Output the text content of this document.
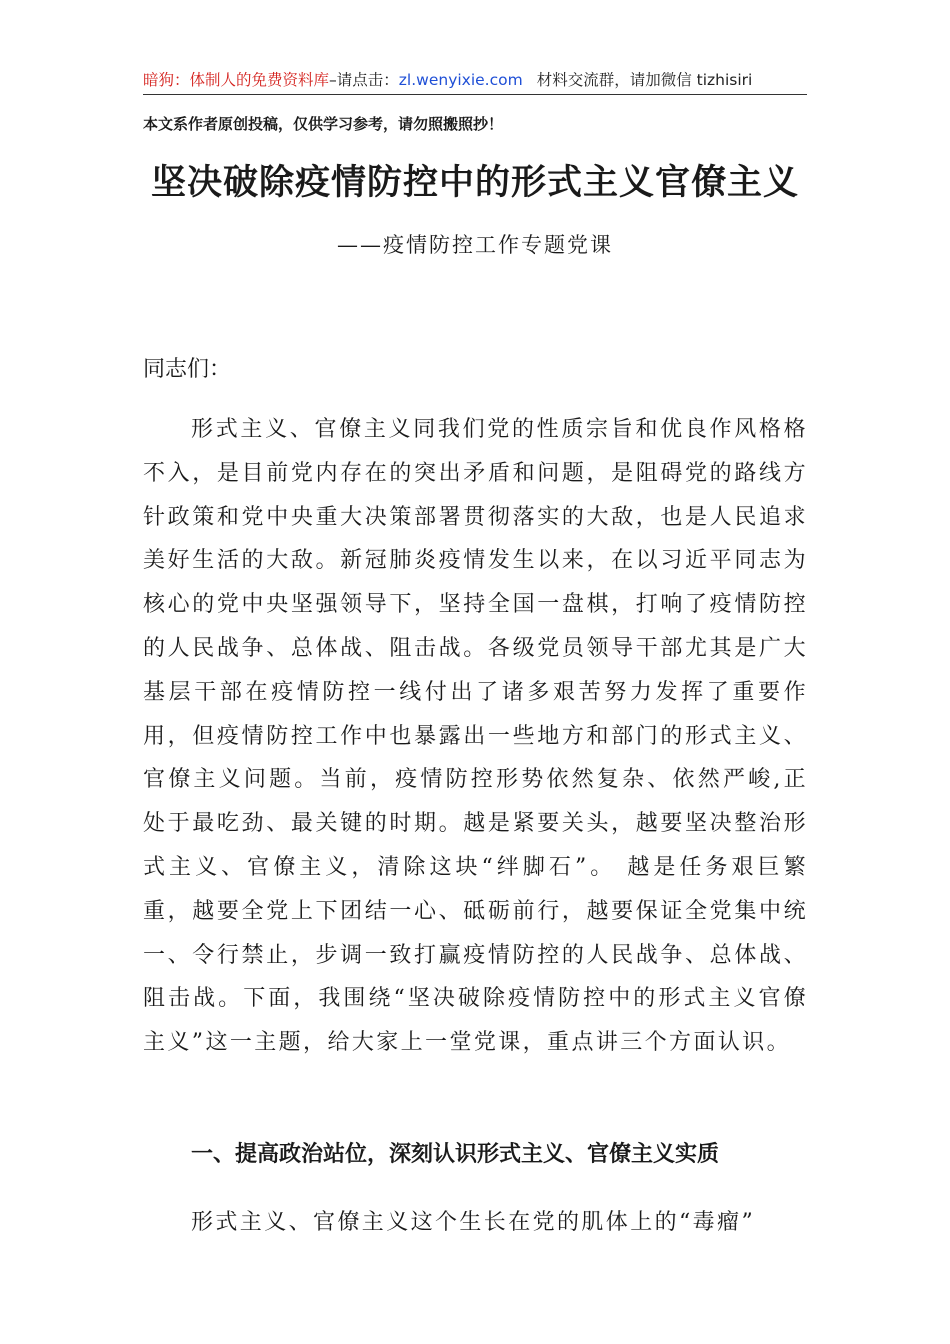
暗狗：体制人的免费资料库–请点击：zl.wenyixie.com 材料交流群，请加微信 tizhisiri
本文系作者原创投稿，仅供学习参考，请勿照搬照抄！
坚决破除疫情防控中的形式主义官僚主义
——疫情防控工作专题党课
同志们：

形式主义、官僚主义同我们党的性质宗旨和优良作风格格不入，是目前党内存在的突出矛盾和问题，是阻碍党的路线方针政策和党中央重大决策部署贯彻落实的大敌，也是人民追求美好生活的大敌。新冠肺炎疫情发生以来，在以习近平同志为核心的党中央坚强领导下，坚持全国一盘棋，打响了疫情防控的人民战争、总体战、阻击战。各级党员领导干部尤其是广大基层干部在疫情防控一线付出了诸多艰苦努力发挥了重要作用，但疫情防控工作中也暴露出一些地方和部门的形式主义、官僚主义问题。当前，疫情防控形势依然复杂、依然严峻,正处于最吃劲、最关键的时期。越是紧要关头，越要坚决整治形式主义、官僚主义，清除这块“绊脚石”。 越是任务艰巨繁重，越要全党上下团结一心、砥砺前行，越要保证全党集中统一、令行禁止，步调一致打赢疫情防控的人民战争、总体战、阻击战。下面，我围绕“坚决破除疫情防控中的形式主义官僚主义”这一主题，给大家上一堂党课，重点讲三个方面认识。

一、提高政治站位，深刻认识形式主义、官僚主义实质

形式主义、官僚主义这个生长在党的肌体上的“毒瘤”
